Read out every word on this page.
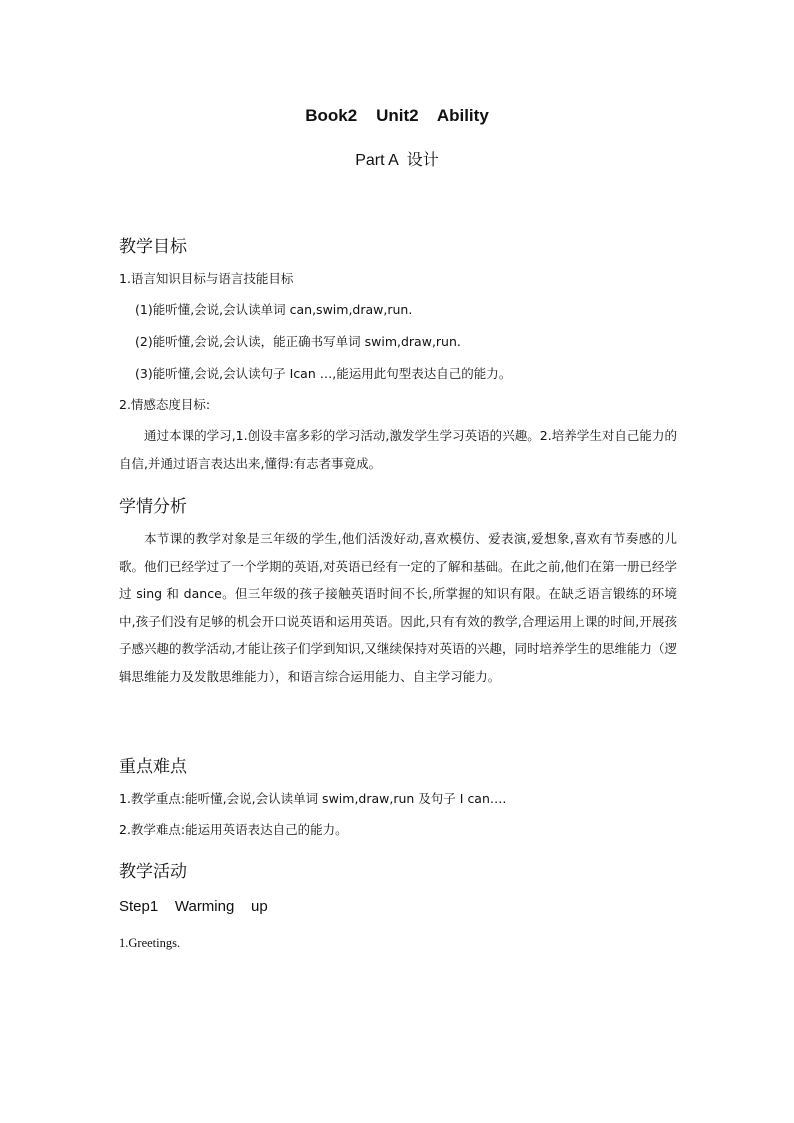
Book2    Unit2    Ability
Part A  设计
教学目标
1.语言知识目标与语言技能目标
(1)能听懂,会说,会认读单词 can,swim,draw,run.
(2)能听懂,会说,会认读，能正确书写单词 swim,draw,run.
(3)能听懂,会说,会认读句子 Ican …,能运用此句型表达自己的能力。
2.情感态度目标:
通过本课的学习,1.创设丰富多彩的学习活动,激发学生学习英语的兴趣。2.培养学生对自己能力的自信,并通过语言表达出来,懂得:有志者事竟成。
学情分析
本节课的教学对象是三年级的学生,他们活泼好动,喜欢模仿、爱表演,爱想象,喜欢有节奏感的儿歌。他们已经学过了一个学期的英语,对英语已经有一定的了解和基础。在此之前,他们在第一册已经学过 sing 和 dance。但三年级的孩子接触英语时间不长,所掌握的知识有限。在缺乏语言锻练的环境中,孩子们没有足够的机会开口说英语和运用英语。因此,只有有效的教学,合理运用上课的时间,开展孩子感兴趣的教学活动,才能让孩子们学到知识,又继续保持对英语的兴趣，同时培养学生的思维能力（逻辑思维能力及发散思维能力），和语言综合运用能力、自主学习能力。
重点难点
1.教学重点:能听懂,会说,会认读单词 swim,draw,run 及句子 I can….
2.教学难点:能运用英语表达自己的能力。
教学活动
Step1    Warming    up
1.Greetings.
